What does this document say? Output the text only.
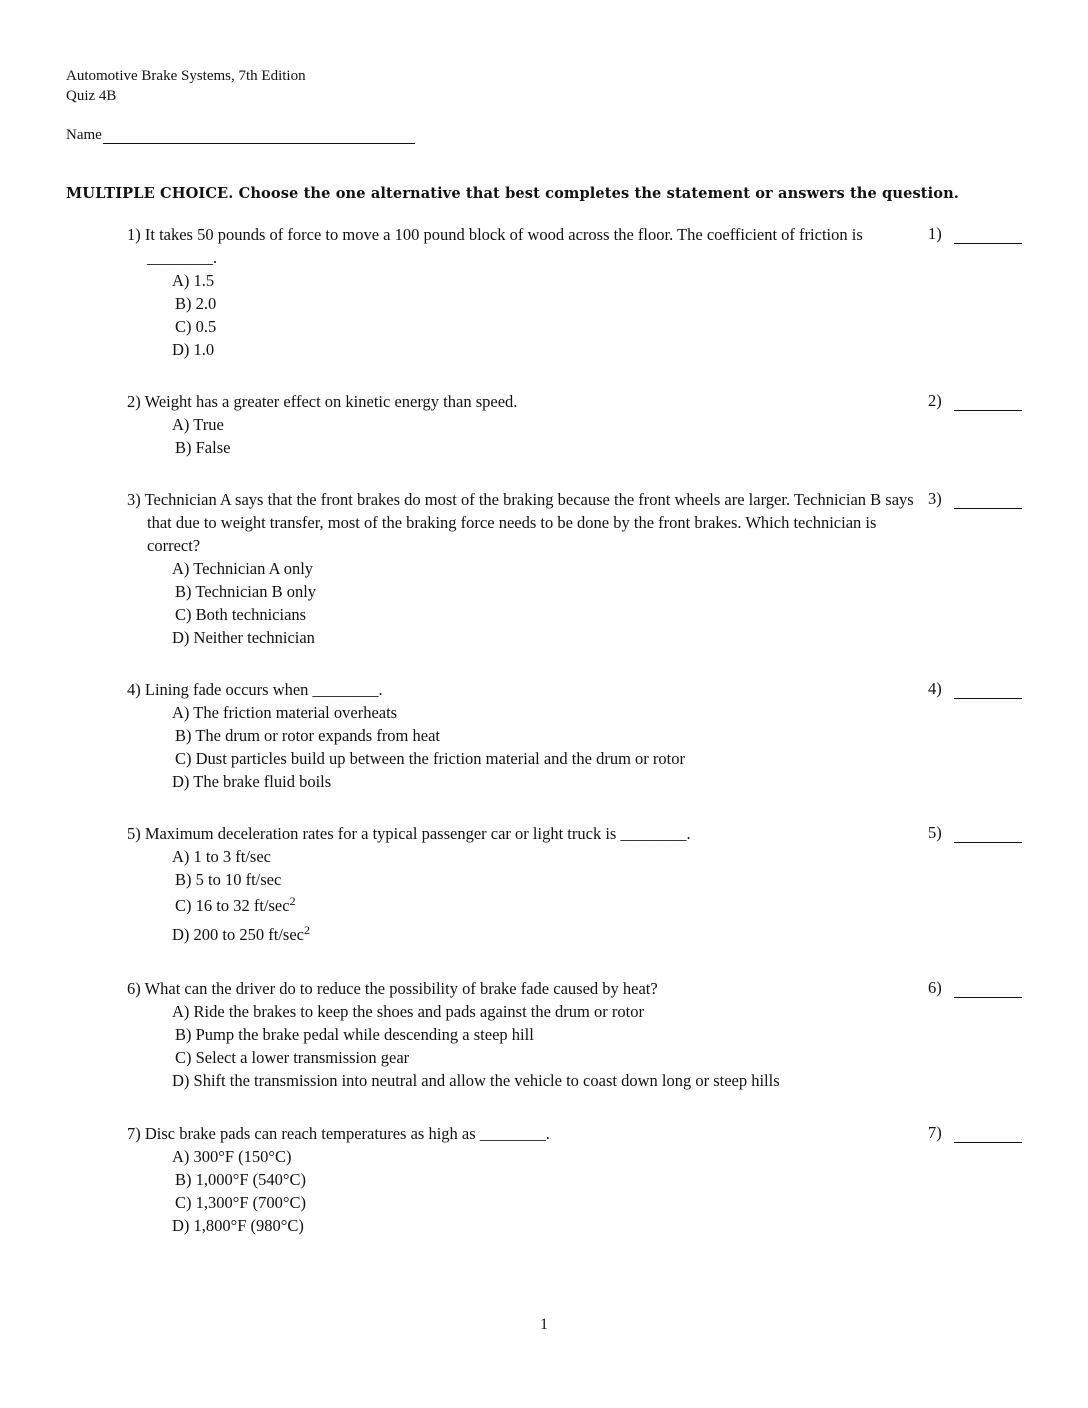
Automotive Brake Systems, 7th Edition
Quiz 4B
Name
MULTIPLE CHOICE. Choose the one alternative that best completes the statement or answers the question.
1) It takes 50 pounds of force to move a 100 pound block of wood across the floor. The coefficient of friction is ________.
A) 1.5
B) 2.0
C) 0.5
D) 1.0
1)
2) Weight has a greater effect on kinetic energy than speed.
A) True
B) False
2)
3) Technician A says that the front brakes do most of the braking because the front wheels are larger. Technician B says that due to weight transfer, most of the braking force needs to be done by the front brakes. Which technician is correct?
A) Technician A only
B) Technician B only
C) Both technicians
D) Neither technician
3)
4) Lining fade occurs when ________.
A) The friction material overheats
B) The drum or rotor expands from heat
C) Dust particles build up between the friction material and the drum or rotor
D) The brake fluid boils
4)
5) Maximum deceleration rates for a typical passenger car or light truck is ________.
A) 1 to 3 ft/sec
B) 5 to 10 ft/sec
C) 16 to 32 $ft/\sec^2$
D) 200 to 250 $ft/\sec^2$
5)
6) What can the driver do to reduce the possibility of brake fade caused by heat?
A) Ride the brakes to keep the shoes and pads against the drum or rotor
B) Pump the brake pedal while descending a steep hill
C) Select a lower transmission gear
D) Shift the transmission into neutral and allow the vehicle to coast down long or steep hills
6)
7) Disc brake pads can reach temperatures as high as ________.
A) 300°F (150°C)
B) 1,000°F (540°C)
C) 1,300°F (700°C)
D) 1,800°F (980°C)
7)
1
